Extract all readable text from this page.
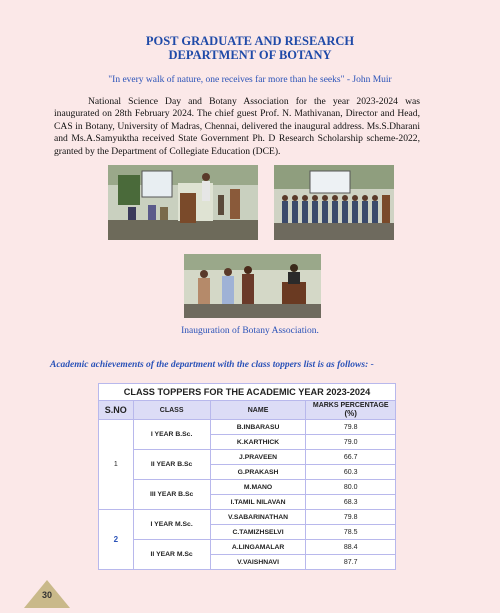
POST GRADUATE AND RESEARCH
DEPARTMENT OF BOTANY
"In every walk of nature, one receives far more than he seeks" - John Muir
National Science Day and Botany Association for the year 2023-2024 was inaugurated on 28th February 2024. The chief guest Prof. N. Mathivanan, Director and Head, CAS in Botany, University of Madras, Chennai, delivered the inaugural address. Ms.S.Dharani and Ms.A.Samyuktha received State Government Ph. D Research Scholarship scheme-2022, granted by the Department of Collegiate Education (DCE).
Inauguration of Botany Association.
Academic achievements of the department with the class toppers list is as follows: -
CLASS TOPPERS FOR THE ACADEMIC YEAR 2023-2024			
S.NO	CLASS	NAME	MARKS PERCENTAGE (%)
1	I YEAR B.Sc.	B.INBARASU	79.8
		K.KARTHICK	79.0
	II YEAR B.Sc	J.PRAVEEN	66.7
		G.PRAKASH	60.3
	III YEAR B.Sc	M.MANO	80.0
		I.TAMIL NILAVAN	68.3
2	I YEAR M.Sc.	V.SABARINATHAN	79.8
		C.TAMIZHSELVI	78.5
	II YEAR M.Sc	A.LINGAMALAR	88.4
		V.VAISHNAVI	87.7
30
